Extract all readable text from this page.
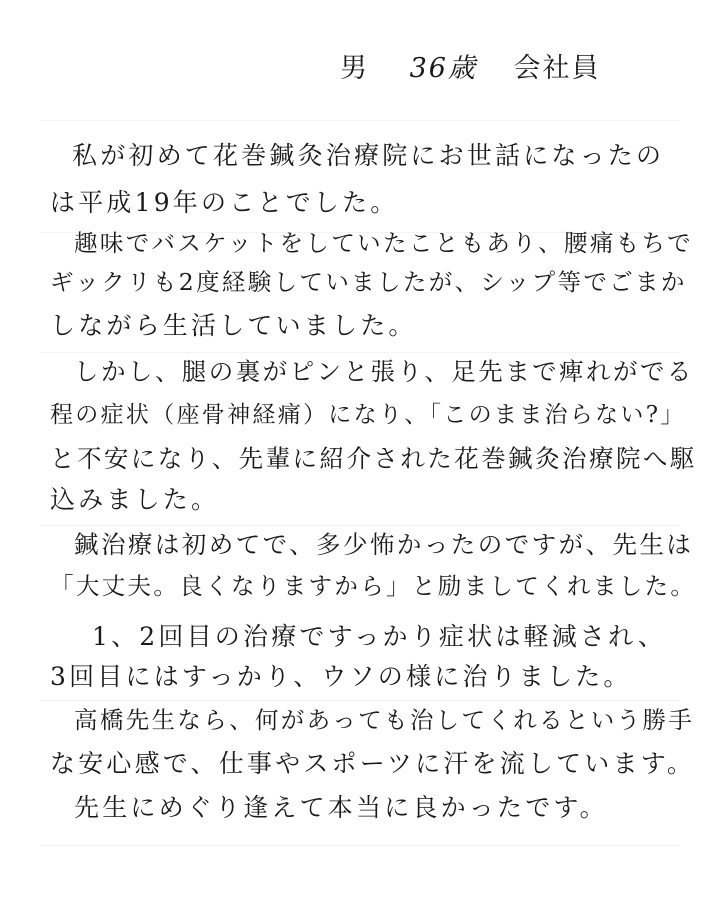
男 36歳 会社員
私が初めて花巻鍼灸治療院にお世話になったの
は平成19年のことでした。
趣味でバスケットをしていたこともあり、腰痛もちで
ギックリも2度経験していましたが、シップ等でごまか
しながら生活していました。
しかし、腿の裏がピンと張り、足先まで痺れがでる
程の症状（座骨神経痛）になり、「このまま治らない?」
と不安になり、先輩に紹介された花巻鍼灸治療院へ駆
込みました。
鍼治療は初めてで、多少怖かったのですが、先生は
「大丈夫。良くなりますから」と励ましてくれました。
1、2回目の治療ですっかり症状は軽減され、
3回目にはすっかり、ウソの様に治りました。
高橋先生なら、何があっても治してくれるという勝手
な安心感で、仕事やスポーツに汗を流しています。
先生にめぐり逢えて本当に良かったです。
